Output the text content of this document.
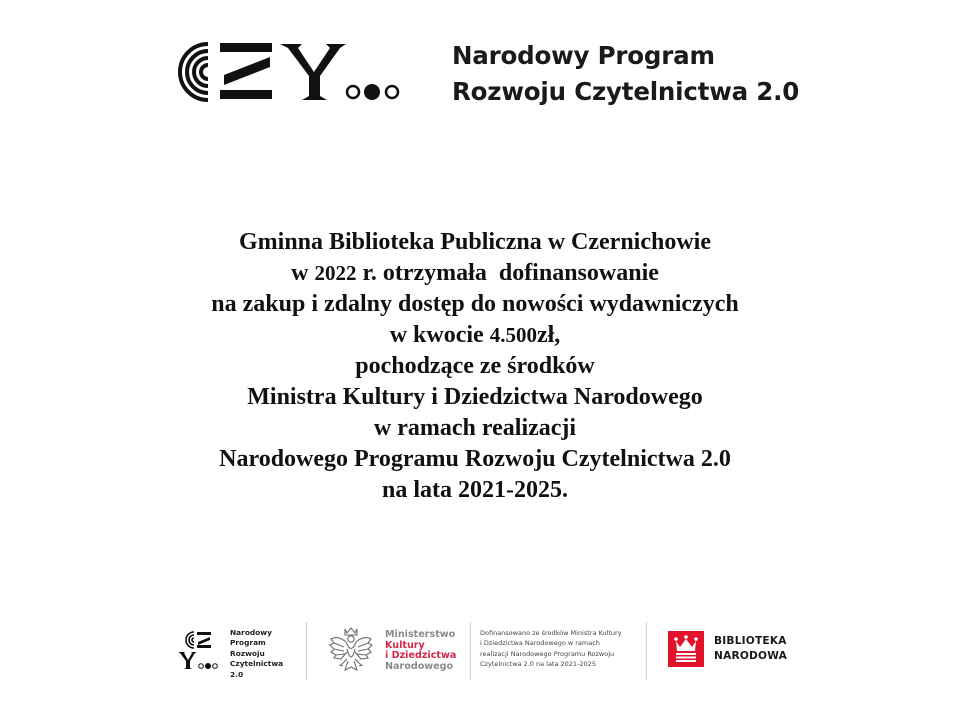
Narodowy Program
Rozwoju Czytelnictwa 2.0
Gminna Biblioteka Publiczna w Czernichowie
w 2022 r. otrzymała  dofinansowanie
na zakup i zdalny dostęp do nowości wydawniczych
w kwocie 4.500zł,
pochodzące ze środków
Ministra Kultury i Dziedzictwa Narodowego
w ramach realizacji
Narodowego Programu Rozwoju Czytelnictwa 2.0
na lata 2021-2025.
Narodowy
Program
Rozwoju
Czytelnictwa
2.0
Ministerstwo
Kultury
i Dziedzictwa
Narodowego
Dofinansowano ze środków Ministra Kultury
i Dziedzictwa Narodowego w ramach
realizacji Narodowego Programu Rozwoju
Czytelnictwa 2.0 na lata 2021-2025
BIBLIOTEKA
NARODOWA
